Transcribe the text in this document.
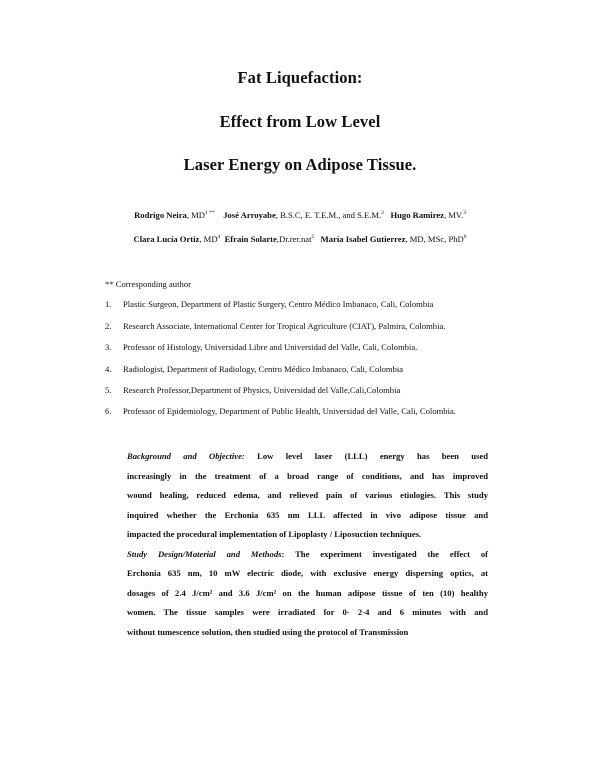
Fat Liquefaction:
Effect from Low Level
Laser Energy on Adipose Tissue.
Rodrigo Neira, $MD^{1 **}$ José Arroyabe, B.S.C, E. T.E.M., and S.E.M.$^2$ Hugo Ramirez, MV.$^3$
Clara Lucía Ortiz, $MD^4$ Efrain Solarte,Dr.rer.nat$^5$ María Isabel Gutierrez, MD, MSc, PhD$^6$
** Corresponding author
1. Plastic Surgeon, Department of Plastic Surgery, Centro Médico Imbanaco, Cali, Colombia
2. Research Associate, International Center for Tropical Agriculture (CIAT), Palmira, Colombia.
3. Professor of Histology, Universidad Libre and Universidad del Valle, Cali, Colombia.
4. Radiologist, Department of Radiology, Centro Médico Imbanaco, Cali, Colombia
5. Research Professor,Department of Physics, Universidad del Valle,Cali,Colombia
6. Professor of Epidemiology, Department of Public Health, Universidad del Valle, Cali, Colombia.
Background and Objective: Low level laser (LLL) energy has been used
increasingly in the treatment of a broad range of conditions, and has improved
wound healing, reduced edema, and relieved pain of various etiologies. This study
inquired whether the Erchonia 635 nm LLL affected in vivo adipose tissue and
impacted the procedural implementation of Lipoplasty / Liposuction techniques.
Study Design/Material and Methods: The experiment investigated the effect of
Erchonia 635 nm, 10 mW electric diode, with exclusive energy dispersing optics, at
dosages of 2.4 J/cm² and 3.6 J/cm² on the human adipose tissue of ten (10) healthy
women. The tissue samples were irradiated for 0- 2-4 and 6 minutes with and
without tumescence solution, then studied using the protocol of Transmission
